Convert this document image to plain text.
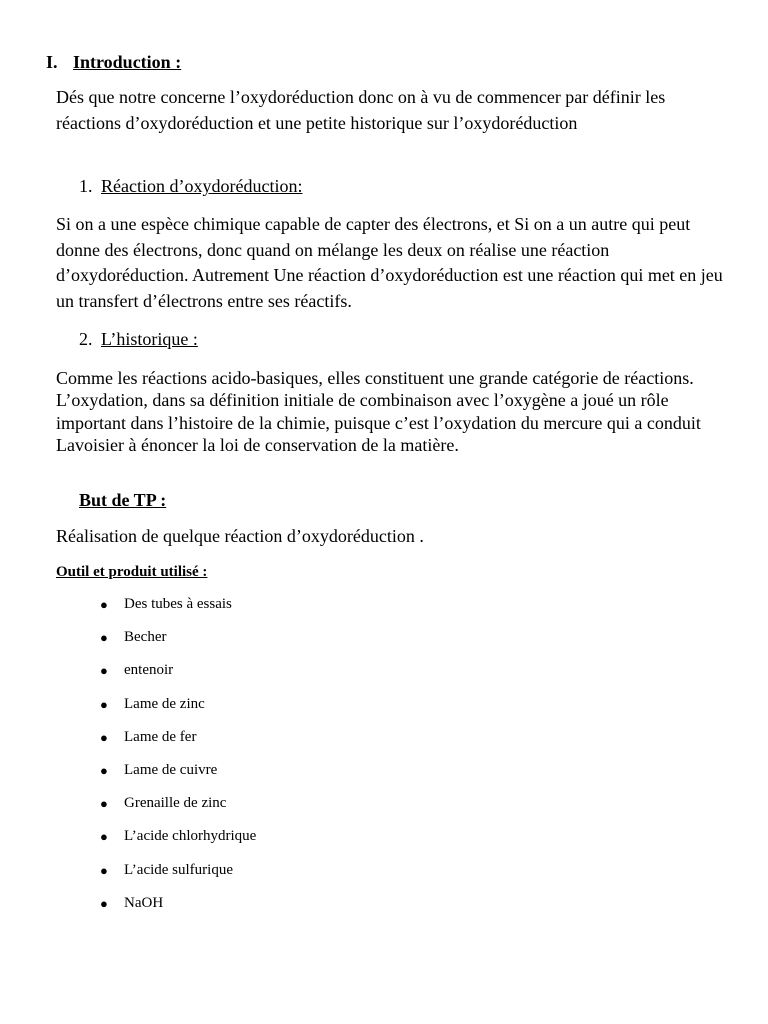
I. Introduction :

Dés que notre concerne l’oxydoréduction donc on à vu de commencer par définir les réactions d’oxydoréduction et une petite historique sur l’oxydoréduction

1. Réaction d’oxydoréduction:

Si on a une espèce chimique capable de capter des électrons, et Si on a un autre qui peut donne des électrons, donc quand on mélange les deux on réalise une réaction d’oxydoréduction. Autrement Une réaction d’oxydoréduction est une réaction qui met en jeu un transfert d’électrons entre ses réactifs.

2. L’historique :

Comme les réactions acido-basiques, elles constituent une grande catégorie de réactions. L’oxydation, dans sa définition initiale de combinaison avec l’oxygène a joué un rôle important dans l’histoire de la chimie, puisque c’est l’oxydation du mercure qui a conduit Lavoisier à énoncer la loi de conservation de la matière.

But de TP :

Réalisation de quelque réaction d’oxydoréduction .

Outil et produit utilisé :
●	Des tubes à essais
●	Becher
●	entenoir
●	Lame de zinc
●	Lame de fer
●	Lame de cuivre
●	Grenaille de zinc
●	L’acide chlorhydrique
●	L’acide sulfurique
●	NaOH
